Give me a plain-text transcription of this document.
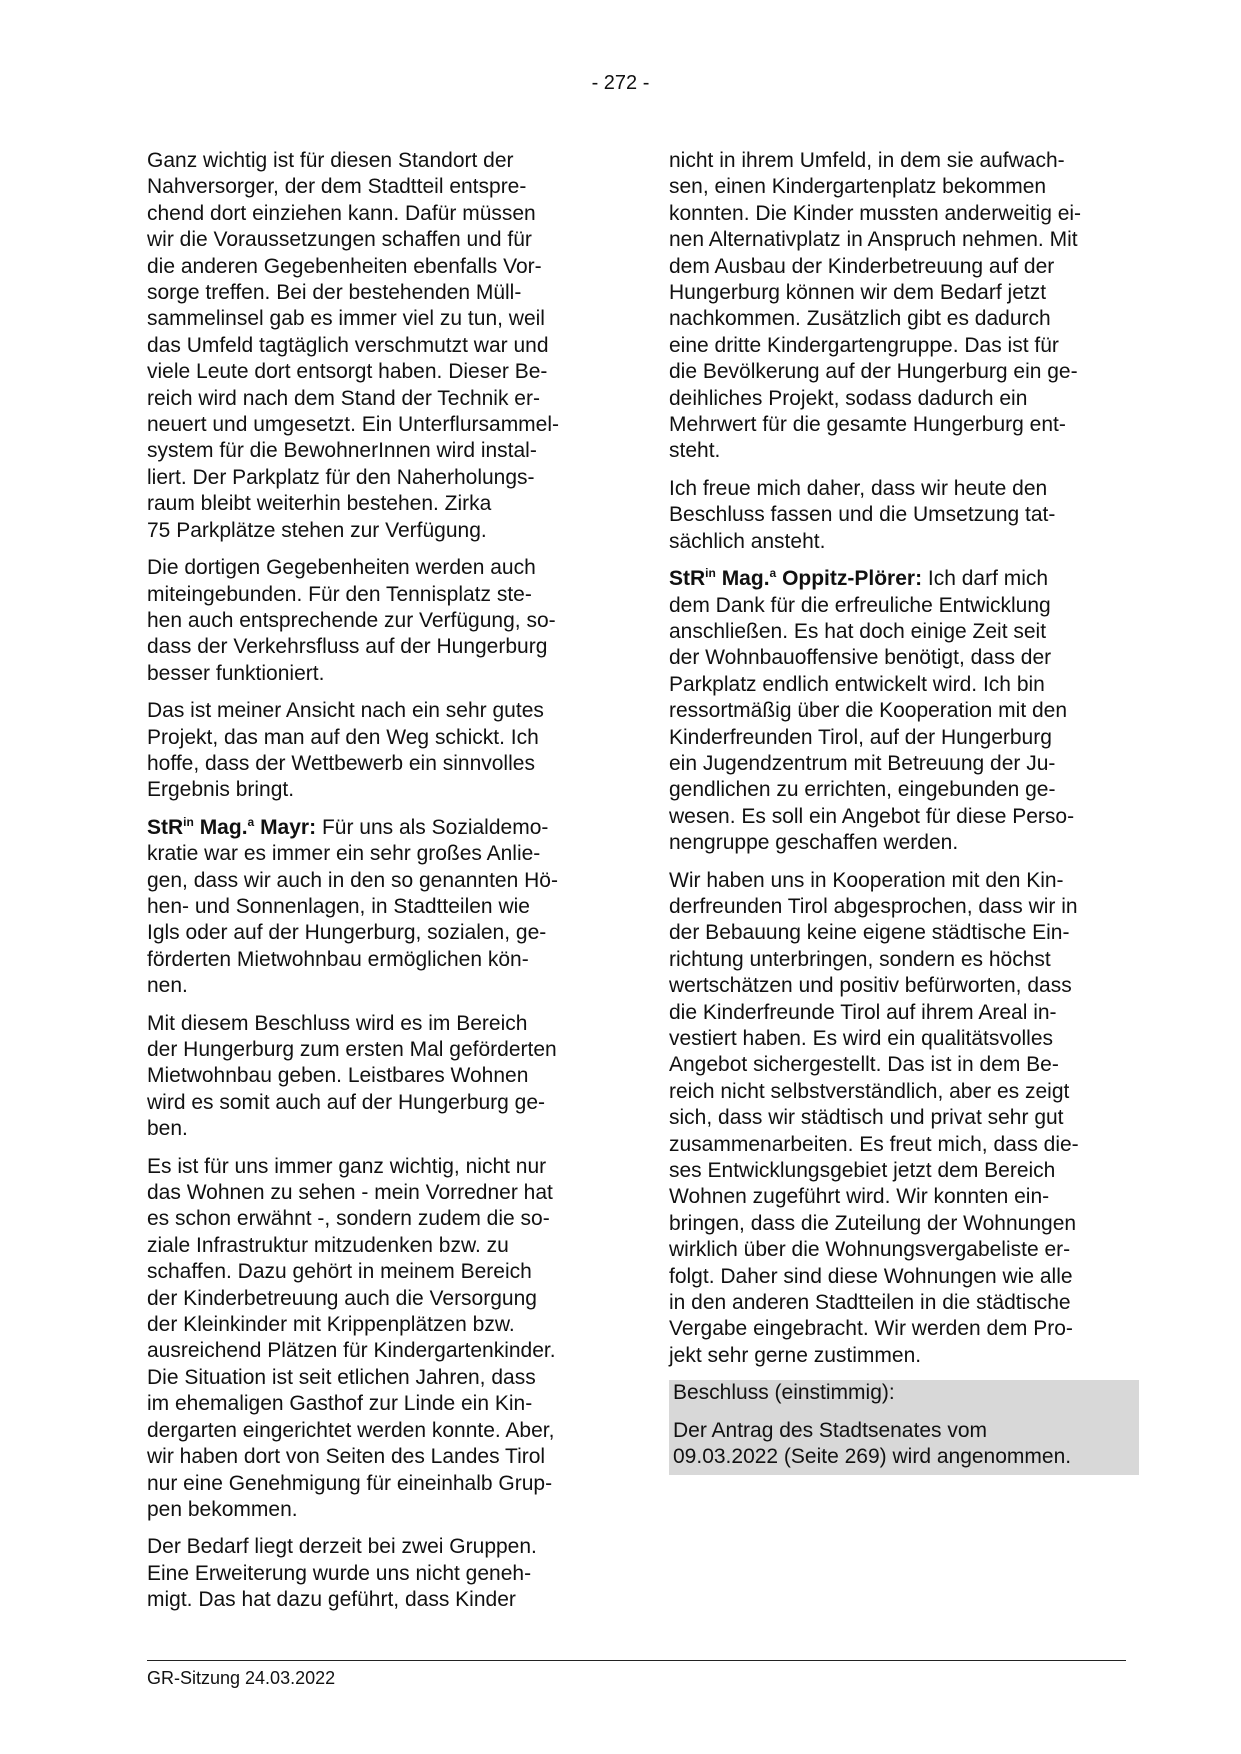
- 272 -

Ganz wichtig ist für diesen Standort der
Nahversorger, der dem Stadtteil entspre-
chend dort einziehen kann. Dafür müssen
wir die Voraussetzungen schaffen und für
die anderen Gegebenheiten ebenfalls Vor-
sorge treffen. Bei der bestehenden Müll-
sammelinsel gab es immer viel zu tun, weil
das Umfeld tagtäglich verschmutzt war und
viele Leute dort entsorgt haben. Dieser Be-
reich wird nach dem Stand der Technik er-
neuert und umgesetzt. Ein Unterflursammel-
system für die BewohnerInnen wird instal-
liert. Der Parkplatz für den Naherholungs-
raum bleibt weiterhin bestehen. Zirka
75 Parkplätze stehen zur Verfügung.

Die dortigen Gegebenheiten werden auch
miteingebunden. Für den Tennisplatz ste-
hen auch entsprechende zur Verfügung, so-
dass der Verkehrsfluss auf der Hungerburg
besser funktioniert.

Das ist meiner Ansicht nach ein sehr gutes
Projekt, das man auf den Weg schickt. Ich
hoffe, dass der Wettbewerb ein sinnvolles
Ergebnis bringt.

StR$^{in}$ Mag.$^a$ Mayr: Für uns als Sozialdemo-
kratie war es immer ein sehr großes Anlie-
gen, dass wir auch in den so genannten Hö-
hen- und Sonnenlagen, in Stadtteilen wie
Igls oder auf der Hungerburg, sozialen, ge-
förderten Mietwohnbau ermöglichen kön-
nen.

Mit diesem Beschluss wird es im Bereich
der Hungerburg zum ersten Mal geförderten
Mietwohnbau geben. Leistbares Wohnen
wird es somit auch auf der Hungerburg ge-
ben.

Es ist für uns immer ganz wichtig, nicht nur
das Wohnen zu sehen - mein Vorredner hat
es schon erwähnt -, sondern zudem die so-
ziale Infrastruktur mitzudenken bzw. zu
schaffen. Dazu gehört in meinem Bereich
der Kinderbetreuung auch die Versorgung
der Kleinkinder mit Krippenplätzen bzw.
ausreichend Plätzen für Kindergartenkinder.
Die Situation ist seit etlichen Jahren, dass
im ehemaligen Gasthof zur Linde ein Kin-
dergarten eingerichtet werden konnte. Aber,
wir haben dort von Seiten des Landes Tirol
nur eine Genehmigung für eineinhalb Grup-
pen bekommen.

Der Bedarf liegt derzeit bei zwei Gruppen.
Eine Erweiterung wurde uns nicht geneh-
migt. Das hat dazu geführt, dass Kinder

nicht in ihrem Umfeld, in dem sie aufwach-
sen, einen Kindergartenplatz bekommen
konnten. Die Kinder mussten anderweitig ei-
nen Alternativplatz in Anspruch nehmen. Mit
dem Ausbau der Kinderbetreuung auf der
Hungerburg können wir dem Bedarf jetzt
nachkommen. Zusätzlich gibt es dadurch
eine dritte Kindergartengruppe. Das ist für
die Bevölkerung auf der Hungerburg ein ge-
deihliches Projekt, sodass dadurch ein
Mehrwert für die gesamte Hungerburg ent-
steht.

Ich freue mich daher, dass wir heute den
Beschluss fassen und die Umsetzung tat-
sächlich ansteht.

StR$^{in}$ Mag.$^a$ Oppitz-Plörer: Ich darf mich
dem Dank für die erfreuliche Entwicklung
anschließen. Es hat doch einige Zeit seit
der Wohnbauoffensive benötigt, dass der
Parkplatz endlich entwickelt wird. Ich bin
ressortmäßig über die Kooperation mit den
Kinderfreunden Tirol, auf der Hungerburg
ein Jugendzentrum mit Betreuung der Ju-
gendlichen zu errichten, eingebunden ge-
wesen. Es soll ein Angebot für diese Perso-
nengruppe geschaffen werden.

Wir haben uns in Kooperation mit den Kin-
derfreunden Tirol abgesprochen, dass wir in
der Bebauung keine eigene städtische Ein-
richtung unterbringen, sondern es höchst
wertschätzen und positiv befürworten, dass
die Kinderfreunde Tirol auf ihrem Areal in-
vestiert haben. Es wird ein qualitätsvolles
Angebot sichergestellt. Das ist in dem Be-
reich nicht selbstverständlich, aber es zeigt
sich, dass wir städtisch und privat sehr gut
zusammenarbeiten. Es freut mich, dass die-
ses Entwicklungsgebiet jetzt dem Bereich
Wohnen zugeführt wird. Wir konnten ein-
bringen, dass die Zuteilung der Wohnungen
wirklich über die Wohnungsvergabeliste er-
folgt. Daher sind diese Wohnungen wie alle
in den anderen Stadtteilen in die städtische
Vergabe eingebracht. Wir werden dem Pro-
jekt sehr gerne zustimmen.

Beschluss (einstimmig):

Der Antrag des Stadtsenates vom
09.03.2022 (Seite 269) wird angenommen.

GR-Sitzung 24.03.2022
